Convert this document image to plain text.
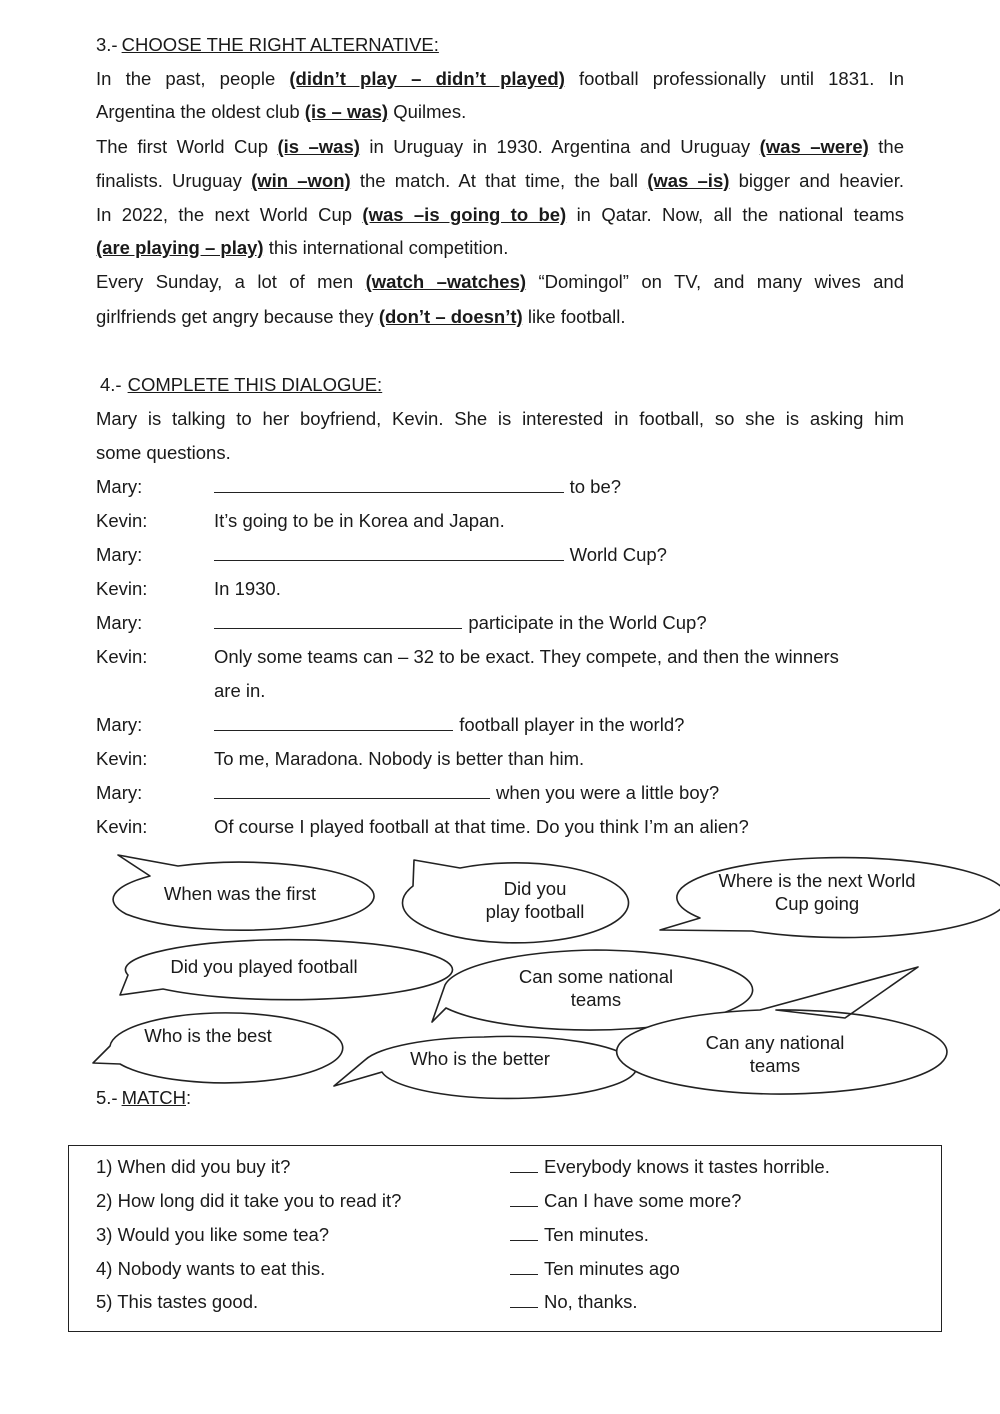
3.- CHOOSE THE RIGHT ALTERNATIVE:
In the past, people (didn’t play – didn’t played) football professionally until 1831. In
Argentina the oldest club (is – was) Quilmes.
The first World Cup (is –was) in Uruguay in 1930. Argentina and Uruguay (was –were) the
finalists. Uruguay (win –won) the match. At that time, the ball (was –is) bigger and heavier.
In 2022, the next World Cup (was –is going to be) in Qatar. Now, all the national teams
(are playing – play) this international competition.
Every Sunday, a lot of men (watch –watches) “Domingol” on TV, and many wives and
girlfriends get angry because they (don’t – doesn’t) like football.
4.- COMPLETE THIS DIALOGUE:
Mary is talking to her boyfriend, Kevin. She is interested in football, so she is asking him
some questions.
Mary:	to be?
Kevin:	It’s going to be in Korea and Japan.
Mary:	World Cup?
Kevin:	In 1930.
Mary:	participate in the World Cup?
Kevin:	Only some teams can – 32 to be exact. They compete, and then the winners
are in.
Mary:	football player in the world?
Kevin:	To me, Maradona. Nobody is better than him.
Mary:	when you were a little boy?
Kevin:	Of course I played football at that time. Do you think I’m an alien?
When was the first	Did you
play football
Where is the next World
Cup going
Did you played football	Can some national
teams
Who is the best
Who is the better
Can any national
teams
5.- MATCH:
1) When did you buy it?	Everybody knows it tastes horrible.
2) How long did it take you to read it?	Can I have some more?
3) Would you like some tea?	Ten minutes.
4) Nobody wants to eat this.	Ten minutes ago
5) This tastes good.	No, thanks.
